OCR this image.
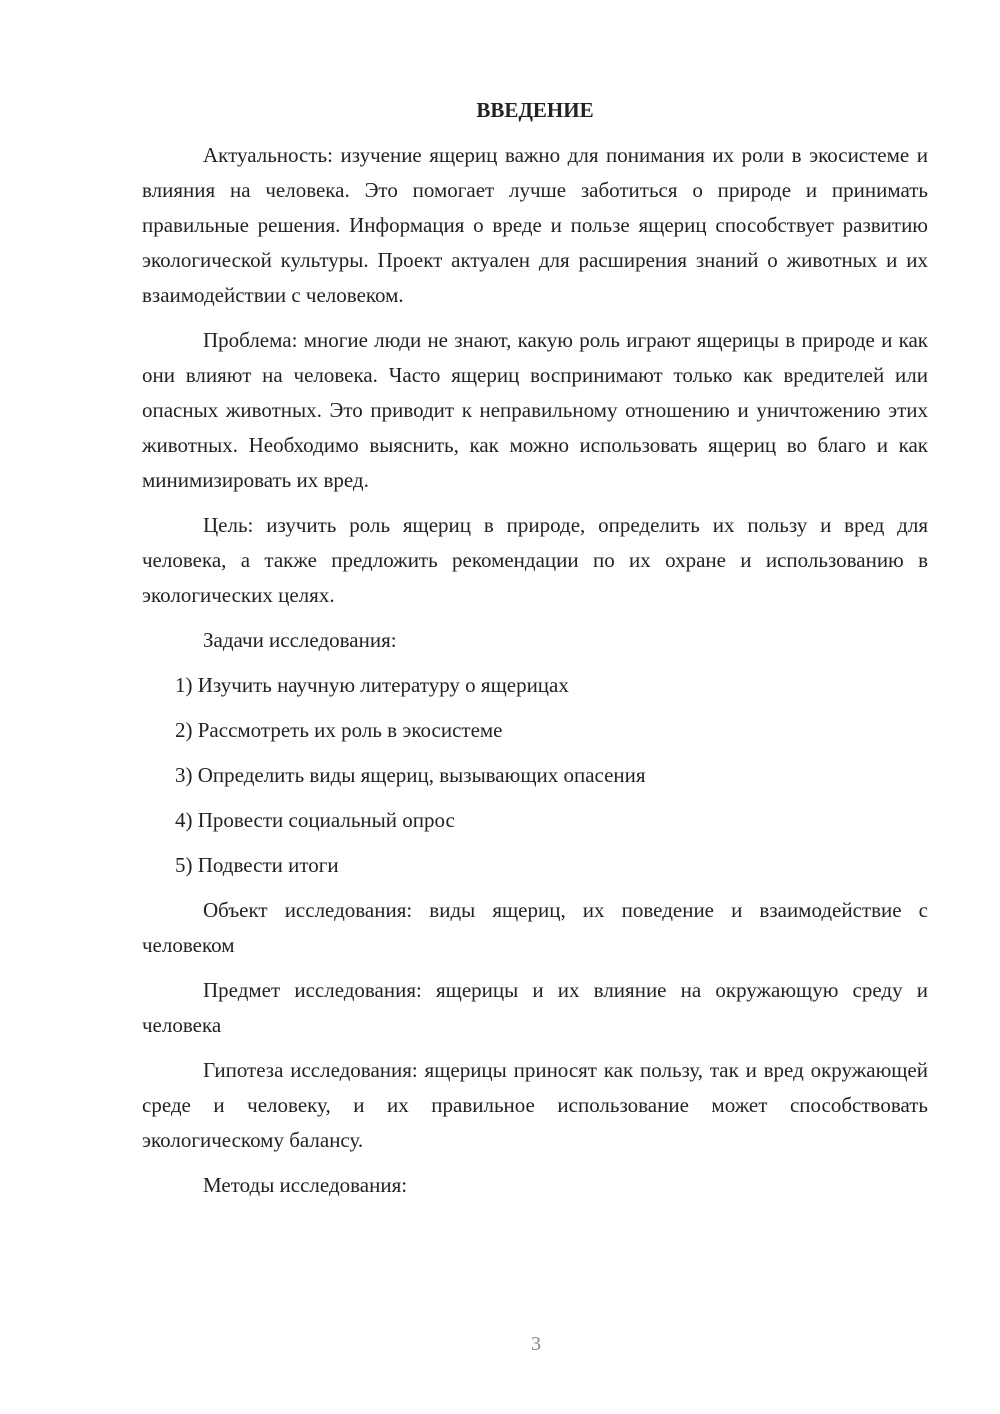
ВВЕДЕНИЕ

Актуальность: изучение ящериц важно для понимания их роли в экосистеме и влияния на человека. Это помогает лучше заботиться о природе и принимать правильные решения. Информация о вреде и пользе ящериц способствует развитию экологической культуры. Проект актуален для расширения знаний о животных и их взаимодействии с человеком.

Проблема: многие люди не знают, какую роль играют ящерицы в природе и как они влияют на человека. Часто ящериц воспринимают только как вредителей или опасных животных. Это приводит к неправильному отношению и уничтожению этих животных. Необходимо выяснить, как можно использовать ящериц во благо и как минимизировать их вред.

Цель: изучить роль ящериц в природе, определить их пользу и вред для человека, а также предложить рекомендации по их охране и использованию в экологических целях.

Задачи исследования:

1) Изучить научную литературу о ящерицах

2) Рассмотреть их роль в экосистеме

3) Определить виды ящериц, вызывающих опасения

4) Провести социальный опрос

5) Подвести итоги

Объект исследования: виды ящериц, их поведение и взаимодействие с человеком

Предмет исследования: ящерицы и их влияние на окружающую среду и человека

Гипотеза исследования: ящерицы приносят как пользу, так и вред окружающей среде и человеку, и их правильное использование может способствовать экологическому балансу.

Методы исследования:

3
